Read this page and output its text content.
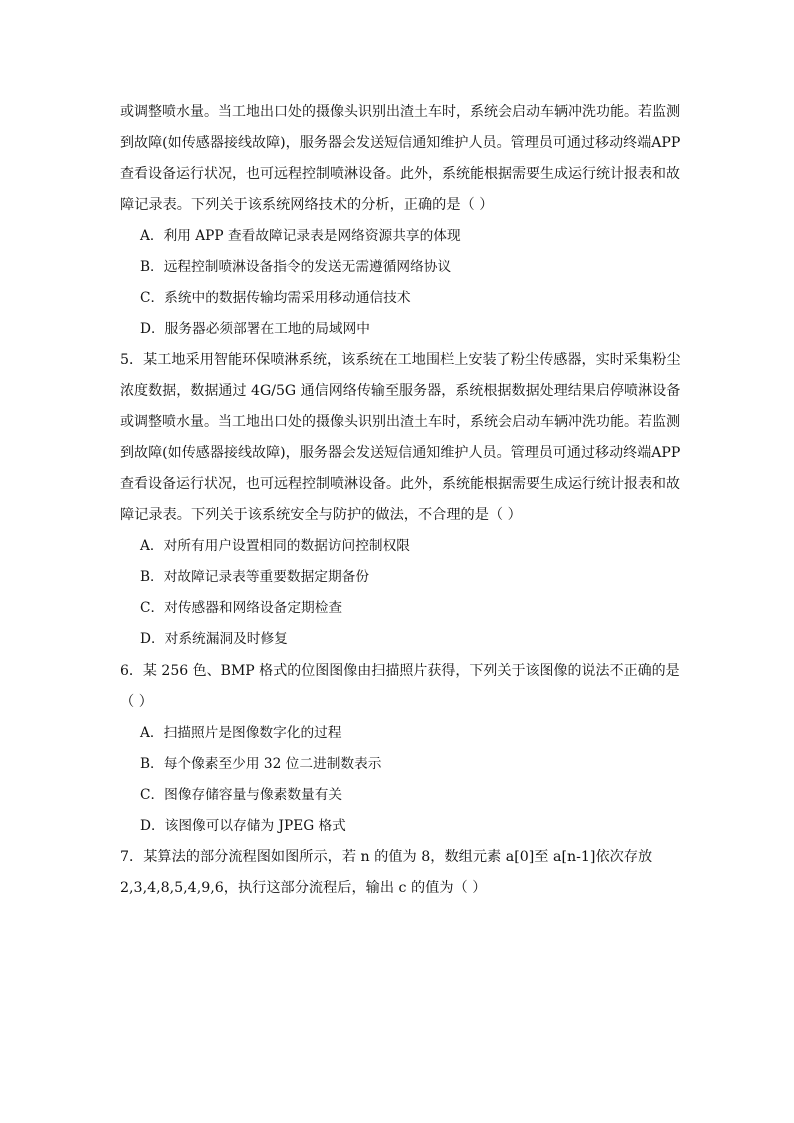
或调整喷水量。当工地出口处的摄像头识别出渣土车时，系统会启动车辆冲洗功能。若监测
到故障(如传感器接线故障)，服务器会发送短信通知维护人员。管理员可通过移动终端APP
查看设备运行状况，也可远程控制喷淋设备。此外，系统能根据需要生成运行统计报表和故
障记录表。下列关于该系统网络技术的分析，正确的是（ ）
A．利用 APP 查看故障记录表是网络资源共享的体现
B．远程控制喷淋设备指令的发送无需遵循网络协议
C．系统中的数据传输均需采用移动通信技术
D．服务器必须部署在工地的局域网中
5．某工地采用智能环保喷淋系统，该系统在工地围栏上安装了粉尘传感器，实时采集粉尘
浓度数据，数据通过 4G/5G 通信网络传输至服务器，系统根据数据处理结果启停喷淋设备
或调整喷水量。当工地出口处的摄像头识别出渣土车时，系统会启动车辆冲洗功能。若监测
到故障(如传感器接线故障)，服务器会发送短信通知维护人员。管理员可通过移动终端APP
查看设备运行状况，也可远程控制喷淋设备。此外，系统能根据需要生成运行统计报表和故
障记录表。下列关于该系统安全与防护的做法，不合理的是（ ）
A．对所有用户设置相同的数据访问控制权限
B．对故障记录表等重要数据定期备份
C．对传感器和网络设备定期检查
D．对系统漏洞及时修复
6．某 256 色、BMP 格式的位图图像由扫描照片获得，下列关于该图像的说法不正确的是
（ ）
A．扫描照片是图像数字化的过程
B．每个像素至少用 32 位二进制数表示
C．图像存储容量与像素数量有关
D．该图像可以存储为 JPEG 格式
7．某算法的部分流程图如图所示，若 n 的值为 8，数组元素 a[0]至 a[n-1]依次存放
2,3,4,8,5,4,9,6，执行这部分流程后，输出 c 的值为（ ）
